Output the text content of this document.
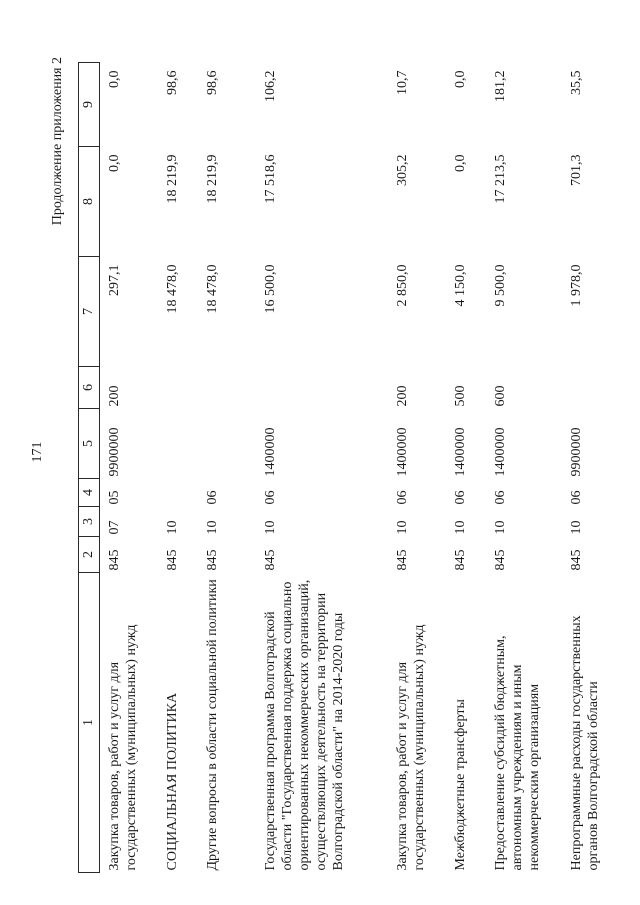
171
Продолжение приложения 2
1	2	3	4	5	6	7	8	9
Закупка товаров, работ и услуг для государственных (муниципальных) нужд	845	07	05	9900000	200	297,1	0,0	0,0
СОЦИАЛЬНАЯ ПОЛИТИКА	845	10				18 478,0	18 219,9	98,6
Другие вопросы в области социальной политики	845	10	06			18 478,0	18 219,9	98,6
Государственная программа Волгоградской области "Государственная поддержка социально ориентированных некоммерческих организаций, осуществляющих деятельность на территории Волгоградской области" на 2014-2020 годы	845	10	06	1400000		16 500,0	17 518,6	106,2
Закупка товаров, работ и услуг для государственных (муниципальных) нужд	845	10	06	1400000	200	2 850,0	305,2	10,7
Межбюджетные трансферты	845	10	06	1400000	500	4 150,0	0,0	0,0
Предоставление субсидий бюджетным, автономным учреждениям и иным некоммерческим организациям	845	10	06	1400000	600	9 500,0	17 213,5	181,2
Непрограммные расходы государственных органов Волгоградской области	845	10	06	9900000		1 978,0	701,3	35,5
